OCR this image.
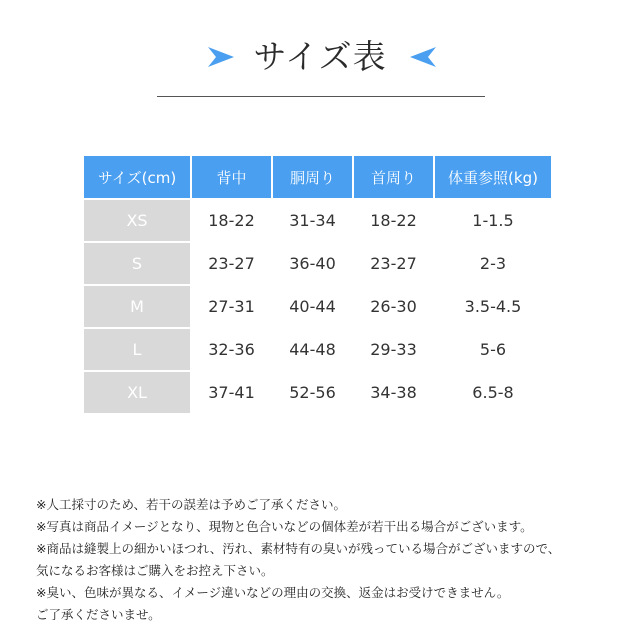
サイズ表
サイズ(cm)	背中	胴周り	首周り	体重参照(kg)
XS	18-22	31-34	18-22	1-1.5
S	23-27	36-40	23-27	2-3
M	27-31	40-44	26-30	3.5-4.5
L	32-36	44-48	29-33	5-6
XL	37-41	52-56	34-38	6.5-8
※人工採寸のため、若干の誤差は予めご了承ください。
※写真は商品イメージとなり、現物と色合いなどの個体差が若干出る場合がございます。
※商品は縫製上の細かいほつれ、汚れ、素材特有の臭いが残っている場合がございますので、
気になるお客様はご購入をお控え下さい。
※臭い、色味が異なる、イメージ違いなどの理由の交換、返金はお受けできません。
ご了承くださいませ。
